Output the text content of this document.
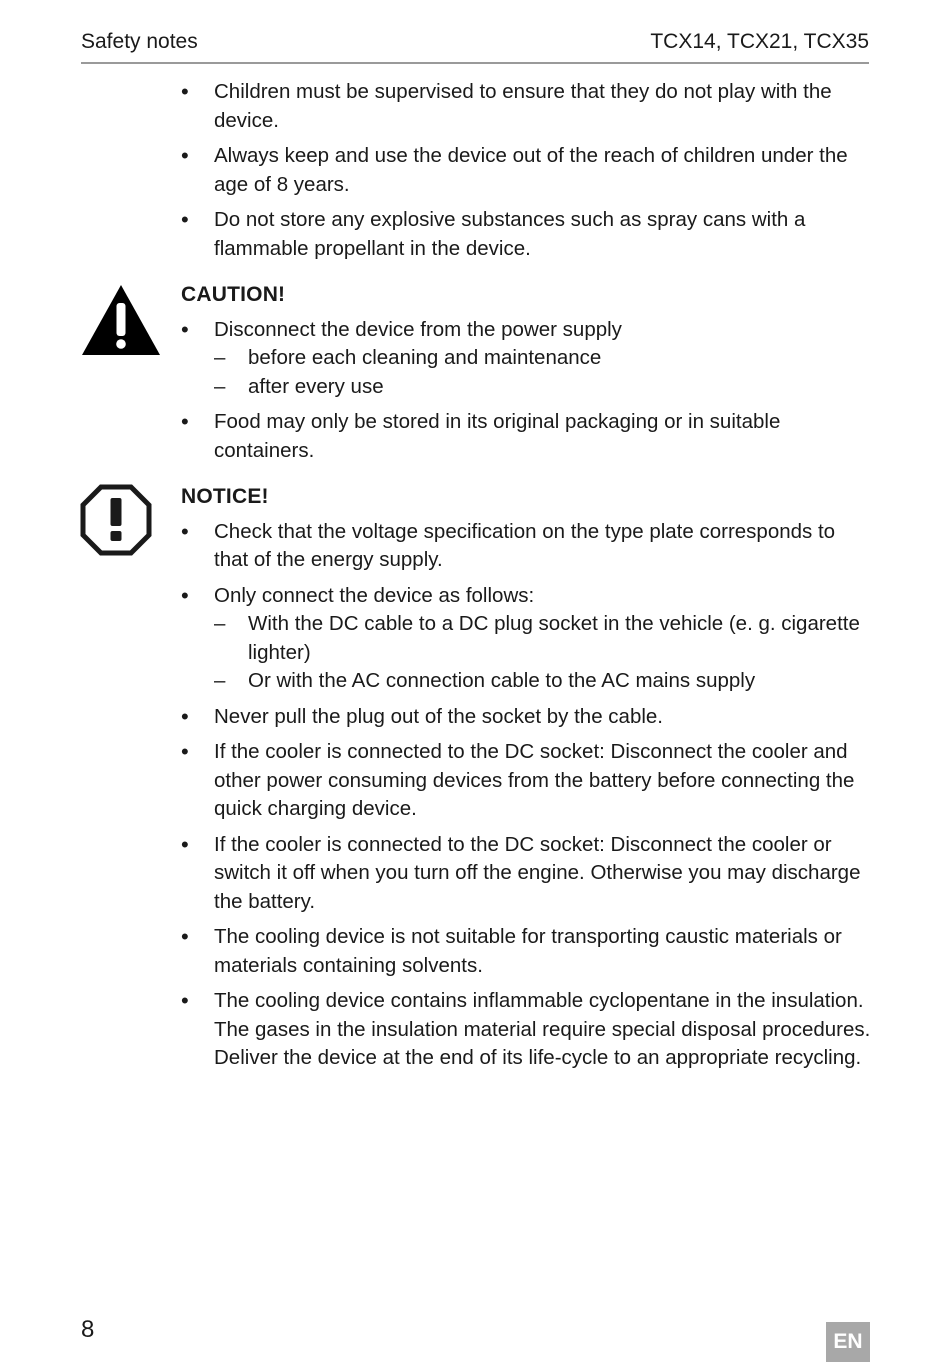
Safety notes	TCX14, TCX21, TCX35
• Children must be supervised to ensure that they do not play with the device.
• Always keep and use the device out of the reach of children under the age of 8 years.
• Do not store any explosive substances such as spray cans with a flammable propellant in the device.
CAUTION!
• Disconnect the device from the power supply
– before each cleaning and maintenance
– after every use
• Food may only be stored in its original packaging or in suitable containers.
NOTICE!
• Check that the voltage specification on the type plate corresponds to that of the energy supply.
• Only connect the device as follows:
– With the DC cable to a DC plug socket in the vehicle (e. g. cigarette lighter)
– Or with the AC connection cable to the AC mains supply
• Never pull the plug out of the socket by the cable.
• If the cooler is connected to the DC socket: Disconnect the cooler and other power consuming devices from the battery before connecting the quick charging device.
• If the cooler is connected to the DC socket: Disconnect the cooler or switch it off when you turn off the engine. Otherwise you may discharge the battery.
• The cooling device is not suitable for transporting caustic materials or materials containing solvents.
• The cooling device contains inflammable cyclopentane in the insulation. The gases in the insulation material require special disposal procedures. Deliver the device at the end of its life-cycle to an appropriate recycling.
8	EN
